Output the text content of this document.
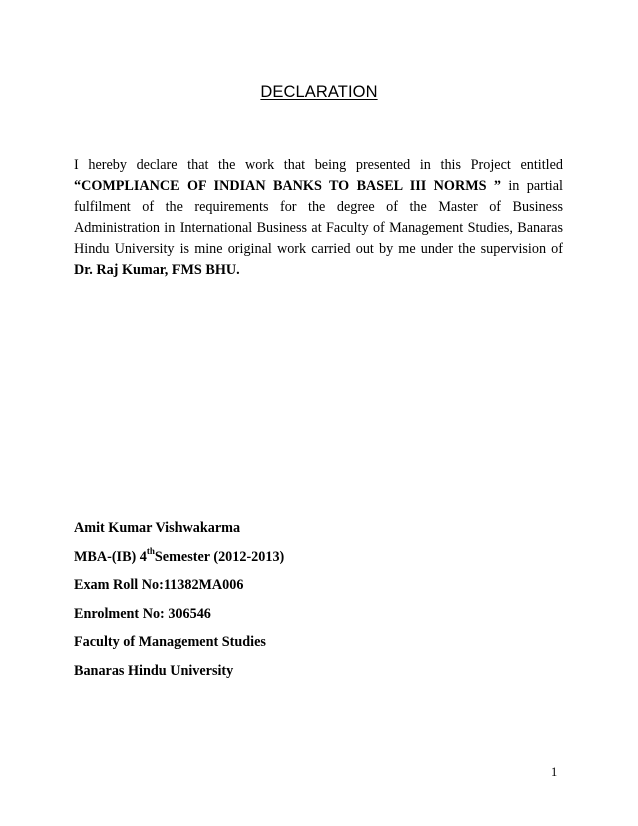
DECLARATION

I hereby declare that the work that being presented in this Project entitled “COMPLIANCE OF INDIAN BANKS TO BASEL III NORMS ” in partial fulfilment of the requirements for the degree of the Master of Business Administration in International Business at Faculty of Management Studies, Banaras Hindu University is mine original work carried out by me under the supervision of Dr. Raj Kumar, FMS BHU.

Amit Kumar Vishwakarma
MBA-(IB) 4thSemester (2012-2013)
Exam Roll No:11382MA006
Enrolment No: 306546
Faculty of Management Studies
Banaras Hindu University
1
